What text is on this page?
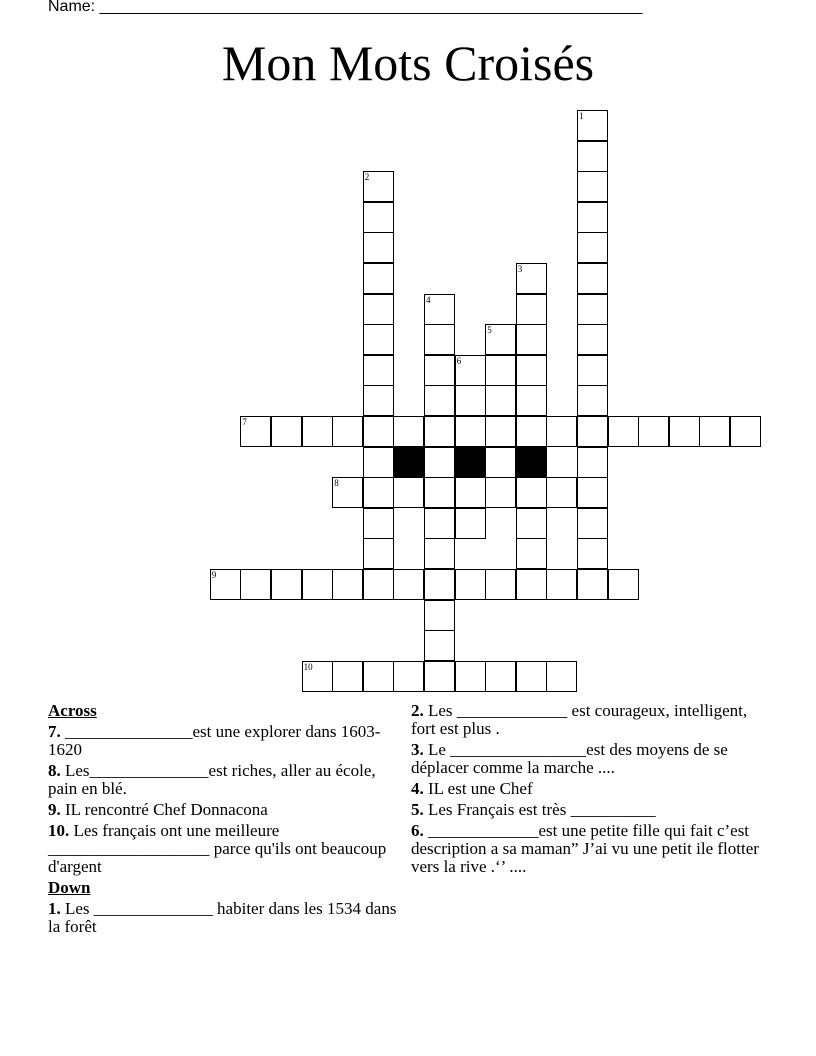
Name: _____________________________________________________________
Mon Mots Croisés
1
2
3
4
5
6
7
8
9
10
Across
7. _______________est une explorer dans 1603-1620
8. Les______________est riches, aller au école, pain en blé.
9. IL rencontré Chef Donnacona
10. Les français ont une meilleure ___________________ parce qu'ils ont beaucoup d'argent
Down
1. Les ______________ habiter dans les 1534 dans la forêt
2. Les _____________ est courageux, intelligent, fort est plus .
3. Le ________________est des moyens de se déplacer comme la marche ....
4. IL est une Chef
5. Les Français est très __________
6. _____________est une petite fille qui fait c’est description a sa maman” J’ai vu une petit ile flotter vers la rive .‘’ ....
